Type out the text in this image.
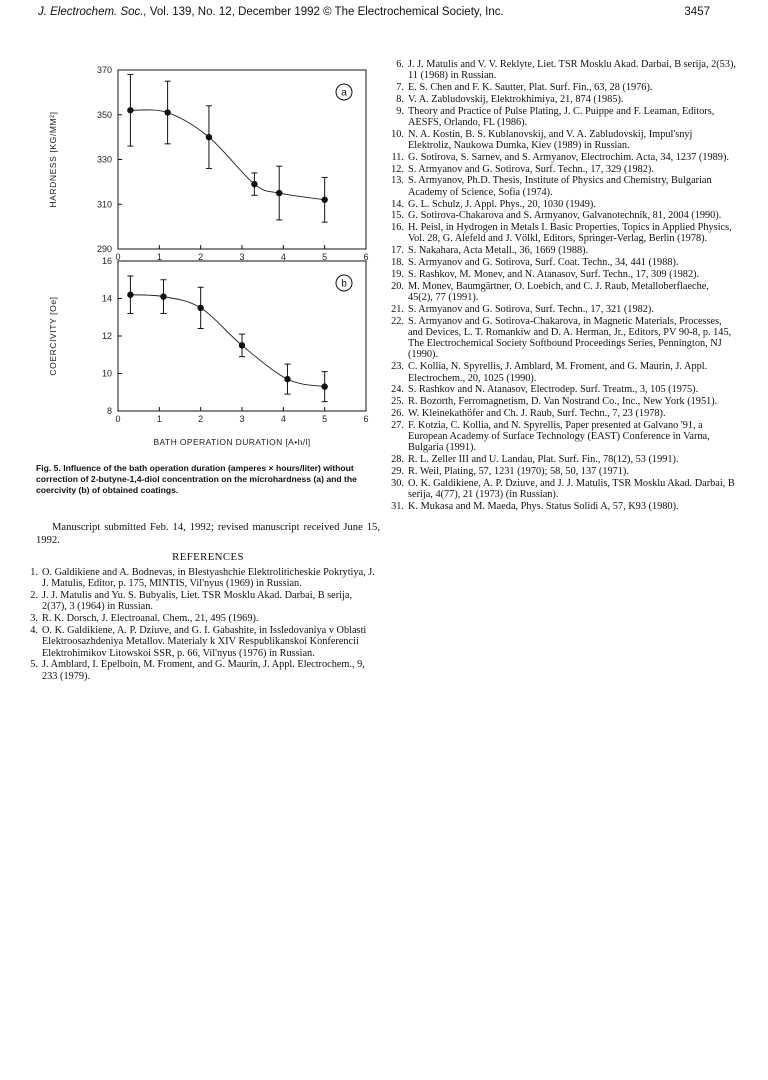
J. Electrochem. Soc., Vol. 139, No. 12, December 1992 © The Electrochemical Society, Inc.	3457
0	1	2	3	4	5	6
290
310
330
350
370
HARDNESS [KG/MM²]
a
0	1	2	3	4	5	6
8
10
12
14
16
COERCIVITY [Oe]
BATH OPERATION DURATION [A•h/l]
b
Fig. 5. Influence of the bath operation duration (amperes × hours/liter) without correction of 2-butyne-1,4-diol concentration on the microhardness (a) and the coercivity (b) of obtained coatings.
Manuscript submitted Feb. 14, 1992; revised manuscript received June 15, 1992.
REFERENCES
1. O. Galdikiene and A. Bodnevas, in Blestyashchie Elektroliticheskie Pokrytiya, J. J. Matulis, Editor, p. 175, MINTIS, Vil'nyus (1969) in Russian.
2. J. J. Matulis and Yu. S. Bubyalis, Liet. TSR Mosklu Akad. Darbai, B serija, 2(37), 3 (1964) in Russian.
3. R. K. Dorsch, J. Electroanal. Chem., 21, 495 (1969).
4. O. K. Galdikiene, A. P. Dziuve, and G. I. Gabashite, in Issledovaniya v Oblasti Elektroosazhdeniya Metallov. Materialy k XIV Respublikanskoi Konferencii Elektrohimikov Litowskoi SSR, p. 66, Vil'nyus (1976) in Russian.
5. J. Amblard, I. Epelboin, M. Froment, and G. Maurin, J. Appl. Electrochem., 9, 233 (1979).
6. J. J. Matulis and V. V. Reklyte, Liet. TSR Mosklu Akad. Darbai, B serija, 2(53), 11 (1968) in Russian.
7. E. S. Chen and F. K. Sautter, Plat. Surf. Fin., 63, 28 (1976).
8. V. A. Zabludovskij, Elektrokhimiya, 21, 874 (1985).
9. Theory and Practice of Pulse Plating, J. C. Puippe and F. Leaman, Editors, AESFS, Orlando, FL (1986).
10. N. A. Kostin, B. S. Kublanovskij, and V. A. Zabludovskij, Impul'snyj Elektroliz, Naukowa Dumka, Kiev (1989) in Russian.
11. G. Sotirova, S. Sarnev, and S. Armyanov, Electrochim. Acta, 34, 1237 (1989).
12. S. Armyanov and G. Sotirova, Surf. Techn., 17, 329 (1982).
13. S. Armyanov, Ph.D. Thesis, Institute of Physics and Chemistry, Bulgarian Academy of Science, Sofia (1974).
14. G. L. Schulz, J. Appl. Phys., 20, 1030 (1949).
15. G. Sotirova-Chakarova and S. Armyanov, Galvanotechnik, 81, 2004 (1990).
16. H. Peisl, in Hydrogen in Metals I. Basic Properties, Topics in Applied Physics, Vol. 28, G. Alefeld and J. Völkl, Editors, Springer-Verlag, Berlin (1978).
17. S. Nakahara, Acta Metall., 36, 1669 (1988).
18. S. Armyanov and G. Sotirova, Surf. Coat. Techn., 34, 441 (1988).
19. S. Rashkov, M. Monev, and N. Atanasov, Surf. Techn., 17, 309 (1982).
20. M. Monev, Baumgärtner, O. Loebich, and C. J. Raub, Metalloberflaeche, 45(2), 77 (1991).
21. S. Armyanov and G. Sotirova, Surf. Techn., 17, 321 (1982).
22. S. Armyanov and G. Sotirova-Chakarova, in Magnetic Materials, Processes, and Devices, L. T. Romankiw and D. A. Herman, Jr., Editors, PV 90-8, p. 145, The Electrochemical Society Softbound Proceedings Series, Pennington, NJ (1990).
23. C. Kollia, N. Spyrellis, J. Amblard, M. Froment, and G. Maurin, J. Appl. Electrochem., 20, 1025 (1990).
24. S. Rashkov and N. Atanasov, Electrodep. Surf. Treatm., 3, 105 (1975).
25. R. Bozorth, Ferromagnetism, D. Van Nostrand Co., Inc., New York (1951).
26. W. Kleinekathöfer and Ch. J. Raub, Surf. Techn., 7, 23 (1978).
27. F. Kotzia, C. Kollia, and N. Spyrellis, Paper presented at Galvano '91, a European Academy of Surface Technology (EAST) Conference in Varna, Bulgaria (1991).
28. R. L. Zeller III and U. Landau, Plat. Surf. Fin., 78(12), 53 (1991).
29. R. Weil, Plating, 57, 1231 (1970); 58, 50, 137 (1971).
30. O. K. Galdikiene, A. P. Dziuve, and J. J. Matulis, TSR Mosklu Akad. Darbai, B serija, 4(77), 21 (1973) (in Russian).
31. K. Mukasa and M. Maeda, Phys. Status Solidi A, 57, K93 (1980).
